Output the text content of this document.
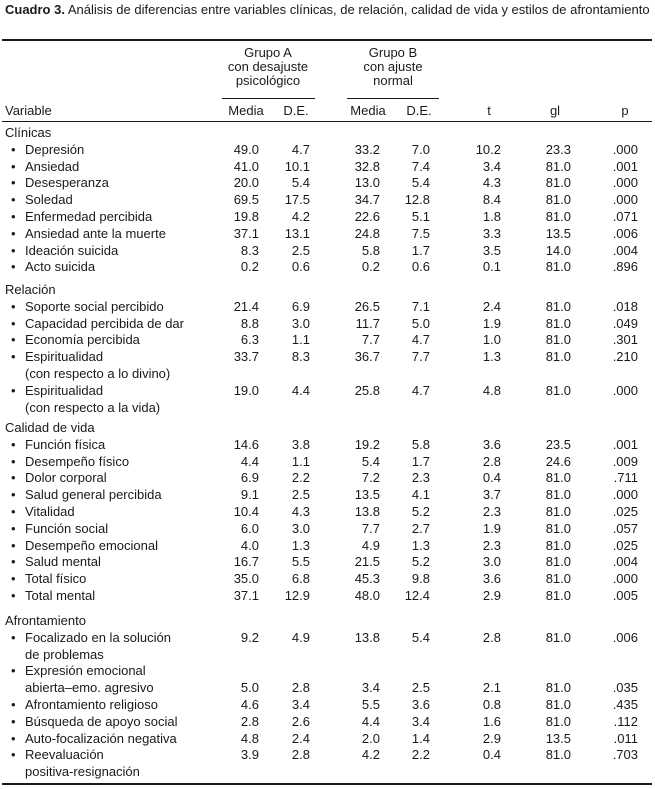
Cuadro 3. Análisis de diferencias entre variables clínicas, de relación, calidad de vida y estilos de afrontamiento
Grupo A
con desajuste
psicológico
Grupo B
con ajuste
normal
Variable	Media	D.E.	Media	D.E.	t	gl	p
Clínicas
• Depresión	49.0	4.7	33.2	7.0	10.2	23.3	.000
• Ansiedad	41.0	10.1	32.8	7.4	3.4	81.0	.001
• Desesperanza	20.0	5.4	13.0	5.4	4.3	81.0	.000
• Soledad	69.5	17.5	34.7	12.8	8.4	81.0	.000
• Enfermedad percibida	19.8	4.2	22.6	5.1	1.8	81.0	.071
• Ansiedad ante la muerte	37.1	13.1	24.8	7.5	3.3	13.5	.006
• Ideación suicida	8.3	2.5	5.8	1.7	3.5	14.0	.004
• Acto suicida	0.2	0.6	0.2	0.6	0.1	81.0	.896
Relación
• Soporte social percibido	21.4	6.9	26.5	7.1	2.4	81.0	.018
• Capacidad percibida de dar	8.8	3.0	11.7	5.0	1.9	81.0	.049
• Economía percibida	6.3	1.1	7.7	4.7	1.0	81.0	.301
• Espiritualidad
(con respecto a lo divino)
33.7	8.3	36.7	7.7	1.3	81.0	.210
• Espiritualidad
(con respecto a la vida)
19.0	4.4	25.8	4.7	4.8	81.0	.000
Calidad de vida
• Función física	14.6	3.8	19.2	5.8	3.6	23.5	.001
• Desempeño físico	4.4	1.1	5.4	1.7	2.8	24.6	.009
• Dolor corporal	6.9	2.2	7.2	2.3	0.4	81.0	.711
• Salud general percibida	9.1	2.5	13.5	4.1	3.7	81.0	.000
• Vitalidad	10.4	4.3	13.8	5.2	2.3	81.0	.025
• Función social	6.0	3.0	7.7	2.7	1.9	81.0	.057
• Desempeño emocional	4.0	1.3	4.9	1.3	2.3	81.0	.025
• Salud mental	16.7	5.5	21.5	5.2	3.0	81.0	.004
• Total físico	35.0	6.8	45.3	9.8	3.6	81.0	.000
• Total mental	37.1	12.9	48.0	12.4	2.9	81.0	.005
Afrontamiento
• Focalizado en la solución
de problemas
9.2	4.9	13.8	5.4	2.8	81.0	.006
• Expresión emocional
abierta–emo. agresivo	5.0	2.8	3.4	2.5	2.1	81.0	.035
• Afrontamiento religioso	4.6	3.4	5.5	3.6	0.8	81.0	.435
• Búsqueda de apoyo social	2.8	2.6	4.4	3.4	1.6	81.0	.112
• Auto-focalización negativa	4.8	2.4	2.0	1.4	2.9	13.5	.011
• Reevaluación
positiva-resignación
3.9	2.8	4.2	2.2	0.4	81.0	.703
